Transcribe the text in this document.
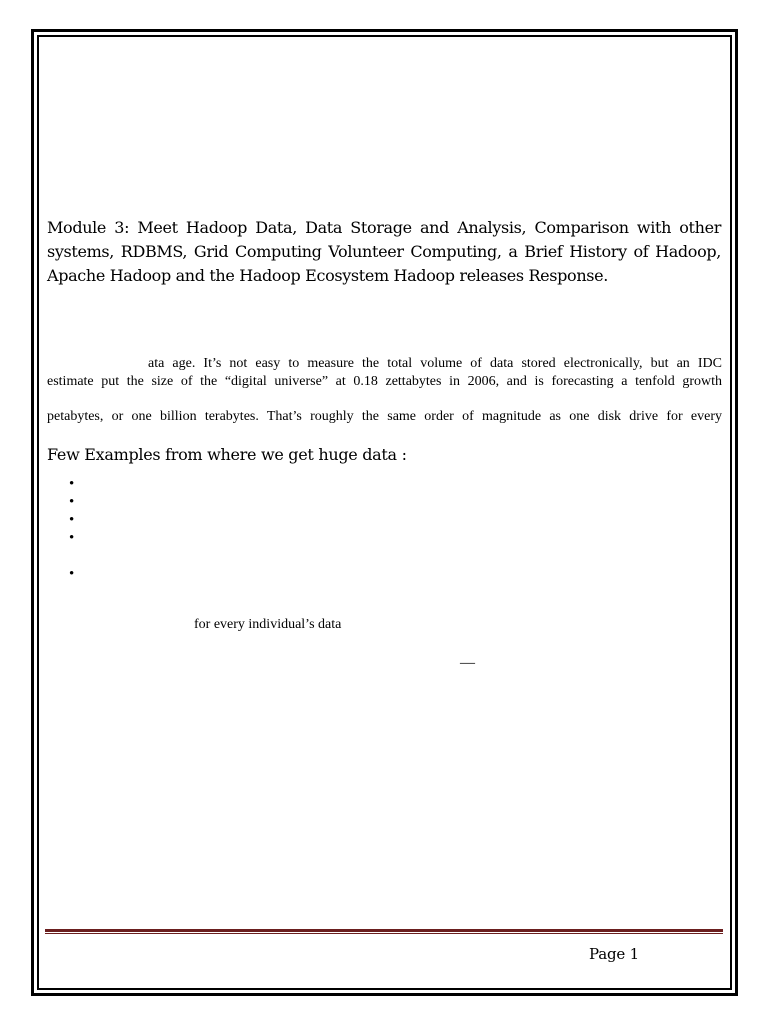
Module 3: Meet Hadoop Data, Data Storage and Analysis, Comparison with other systems, RDBMS, Grid Computing Volunteer Computing, a Brief History of Hadoop, Apache Hadoop and the Hadoop Ecosystem Hadoop releases Response.

ata age. It’s not easy to measure the total volume of data stored electronically, but an IDC

estimate put the size of the “digital universe” at 0.18 zettabytes in 2006, and is forecasting a tenfold growth

petabytes, or one billion terabytes. That’s roughly the same order of magnitude as one disk drive for every

Few Examples from where we get huge data :
•
•
•
•
•

for every individual’s data

—
Page 1
